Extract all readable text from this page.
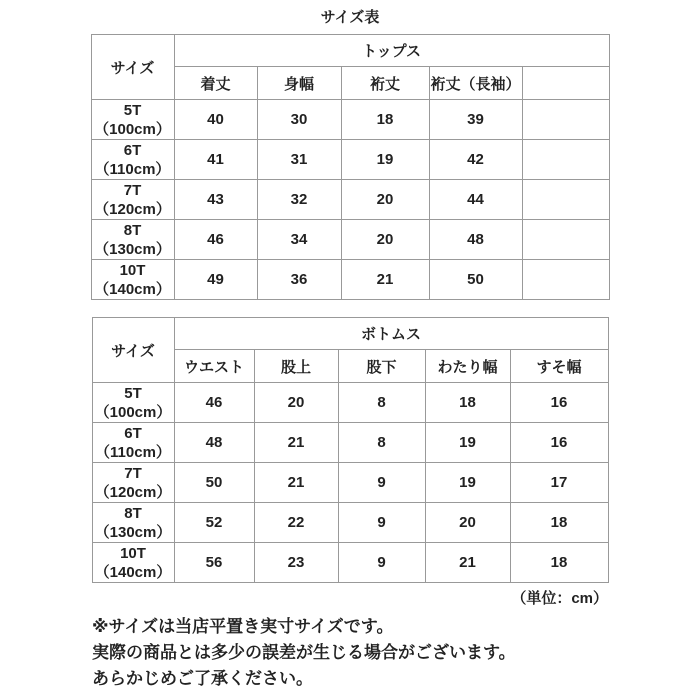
サイズ表
サイズ	トップス				
	着丈	身幅	裄丈	裄丈（長袖）	

5T
（100cm）	40	30	18	39	

6T
（110cm）	41	31	19	42	

7T
（120cm）	43	32	20	44	

8T
（130cm）	46	34	20	48	

10T
（140cm）	49	36	21	50	
サイズ	ボトムス				
	ウエスト	股上	股下	わたり幅	すそ幅

5T
（100cm）	46	20	8	18	16

6T
（110cm）	48	21	8	19	16

7T
（120cm）	50	21	9	19	17

8T
（130cm）	52	22	9	20	18

10T
（140cm）	56	23	9	21	18
（単位：cm）
※サイズは当店平置き実寸サイズです。
実際の商品とは多少の誤差が生じる場合がございます。
あらかじめご了承ください。
